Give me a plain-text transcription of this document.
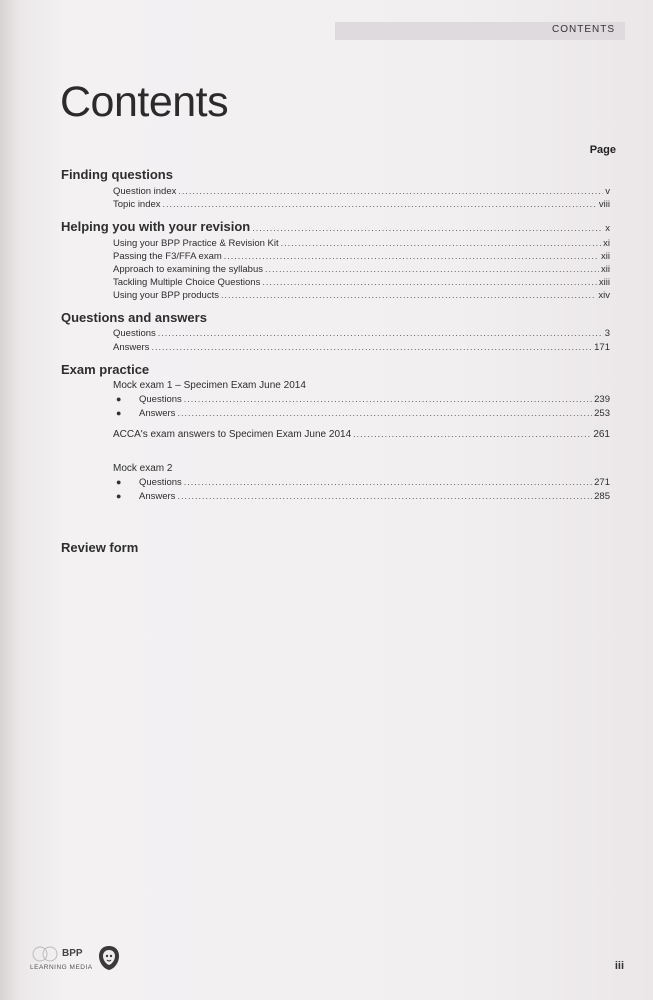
CONTENTS
Contents
Page
Finding questions
Question index .....	v
Topic index .....	viii
Helping you with your revision .....	x
Using your BPP Practice & Revision Kit .....	xi
Passing the F3/FFA exam .....	xii
Approach to examining the syllabus .....	xii
Tackling Multiple Choice Questions .....	xiii
Using your BPP products .....	xiv
Questions and answers
Questions .....	3
Answers .....	171
Exam practice
Mock exam 1 – Specimen Exam June 2014
● Questions .....	239
● Answers .....	253
ACCA's exam answers to Specimen Exam June 2014 .....	261
Mock exam 2
● Questions .....	271
● Answers .....	285
Review form
BPP
LEARNING MEDIA	iii
